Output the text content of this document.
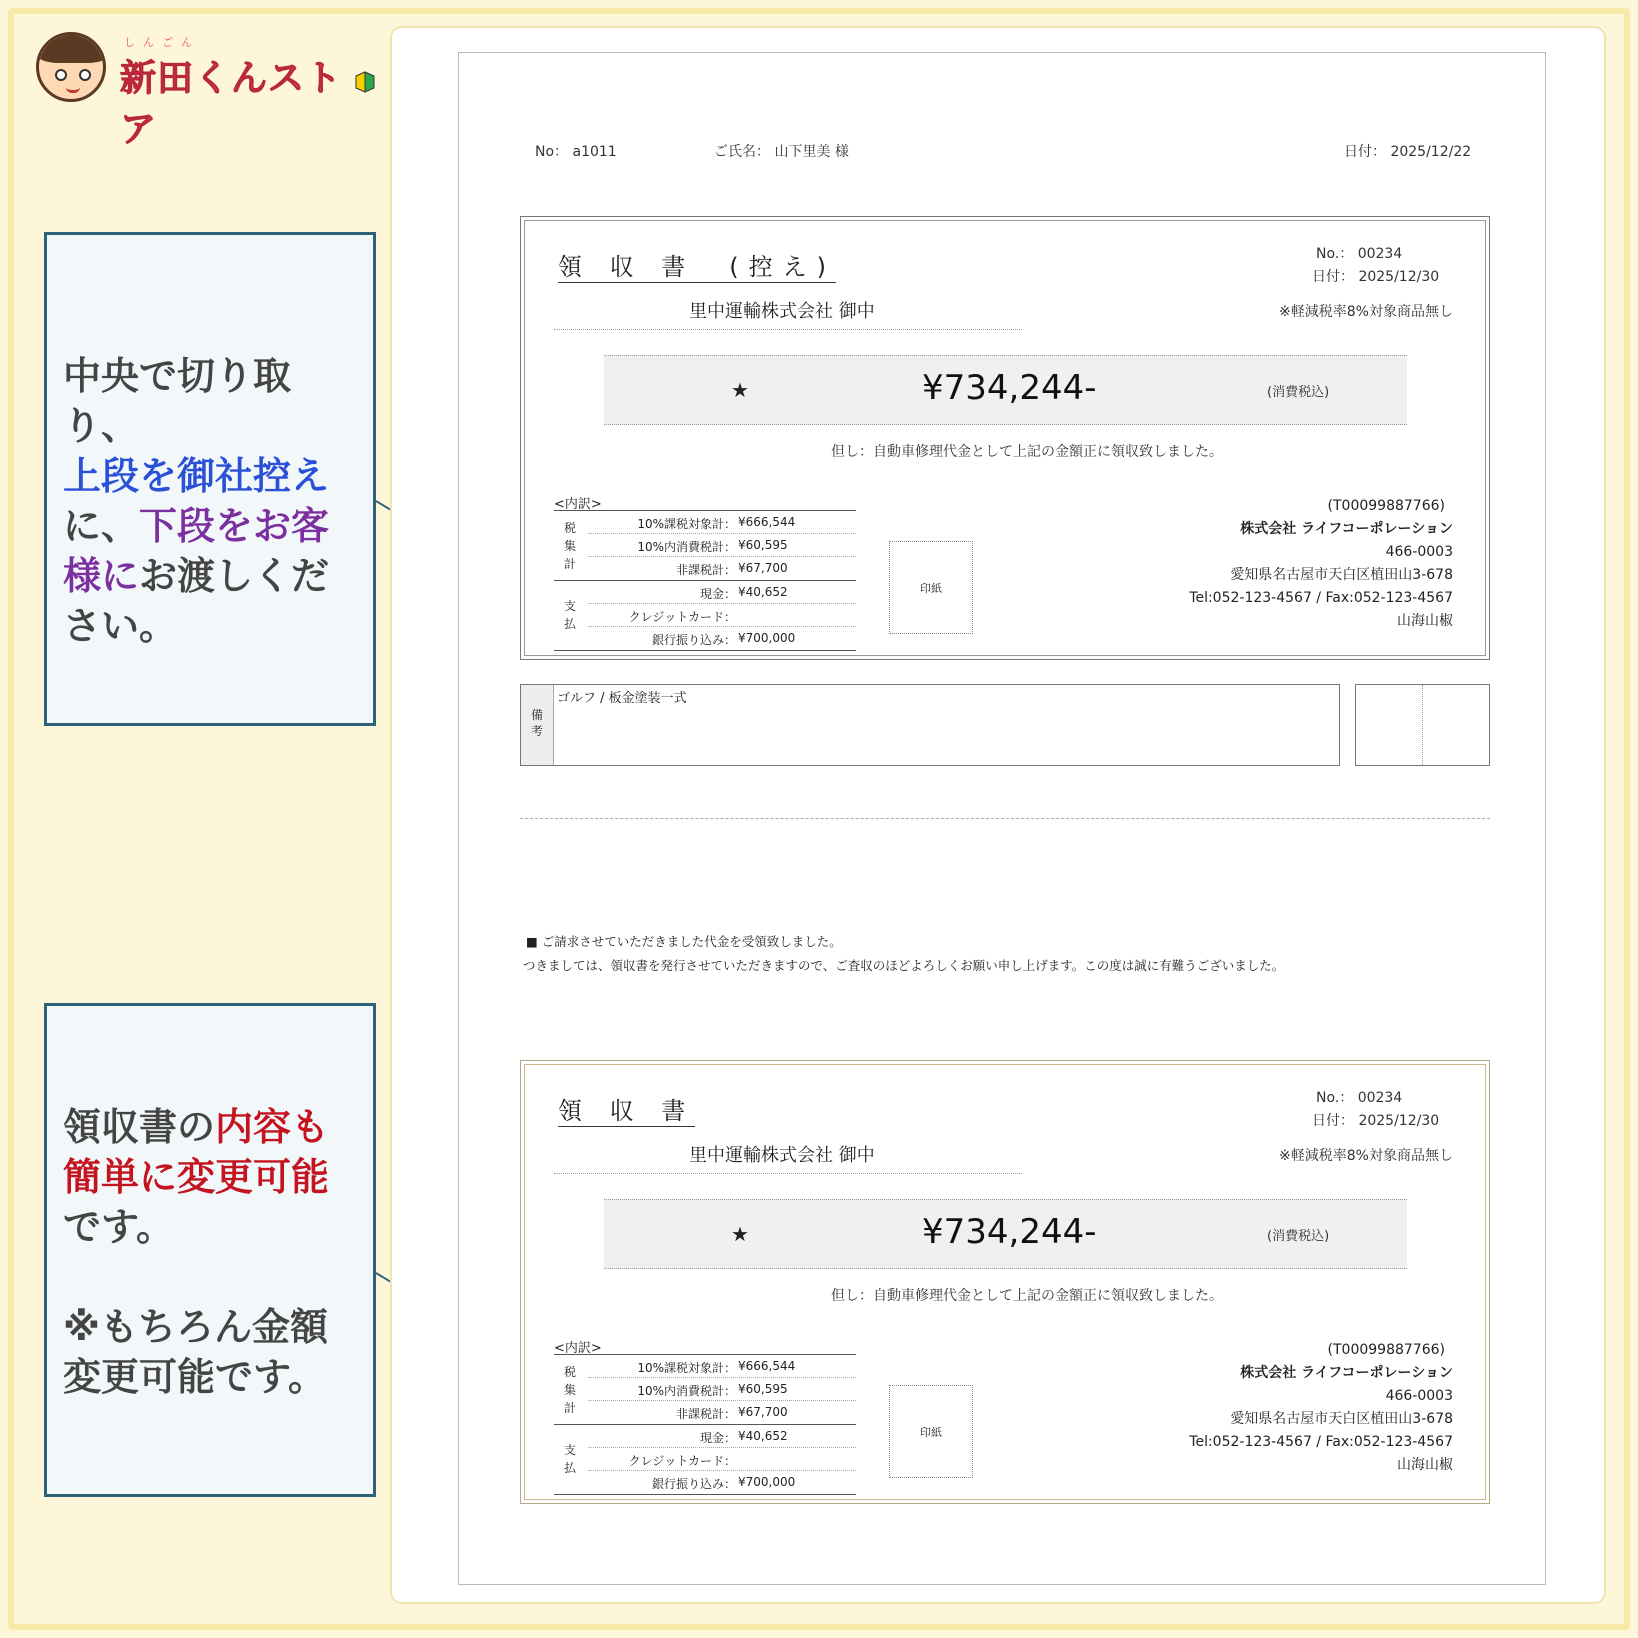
しんごん
新田くんストア
中央で切り取り、
上段を御社控え
に、下段をお客
様にお渡しくだ
さい。
領収書の内容も
簡単に変更可能
です。

※もちろん金額
変更可能です。
No： a1011	ご氏名： 山下里美 様	日付： 2025/12/22
領 収 書　(控え)	No.： 00234
日付： 2025/12/30
里中運輸株式会社 御中	※軽減税率8%対象商品無し
★	¥734,244-	(消費税込)
但し：自動車修理代金として上記の金額正に領収致しました。
<内訳>
税
集
計
10%課税対象計： ¥666,544
10%内消費税計： ¥60,595
非課税計： ¥67,700
支
払
現金： ¥40,652
クレジットカード：
銀行振り込み： ¥700,000
印紙
(T00099887766)
株式会社 ライフコーポレーション
466-0003
愛知県名古屋市天白区植田山3-678
Tel:052-123-4567 / Fax:052-123-4567
山海山椒
備
考
ゴルフ / 板金塗装一式
■ ご請求させていただきました代金を受領致しました。
つきましては、領収書を発行させていただきますので、ご査収のほどよろしくお願い申し上げます。この度は誠に有難うございました。
領 収 書	No.： 00234
日付： 2025/12/30
里中運輸株式会社 御中	※軽減税率8%対象商品無し
★	¥734,244-	(消費税込)
但し：自動車修理代金として上記の金額正に領収致しました。
<内訳>
税
集
計
10%課税対象計： ¥666,544
10%内消費税計： ¥60,595
非課税計： ¥67,700
支
払
現金： ¥40,652
クレジットカード：
銀行振り込み： ¥700,000
印紙
(T00099887766)
株式会社 ライフコーポレーション
466-0003
愛知県名古屋市天白区植田山3-678
Tel:052-123-4567 / Fax:052-123-4567
山海山椒
